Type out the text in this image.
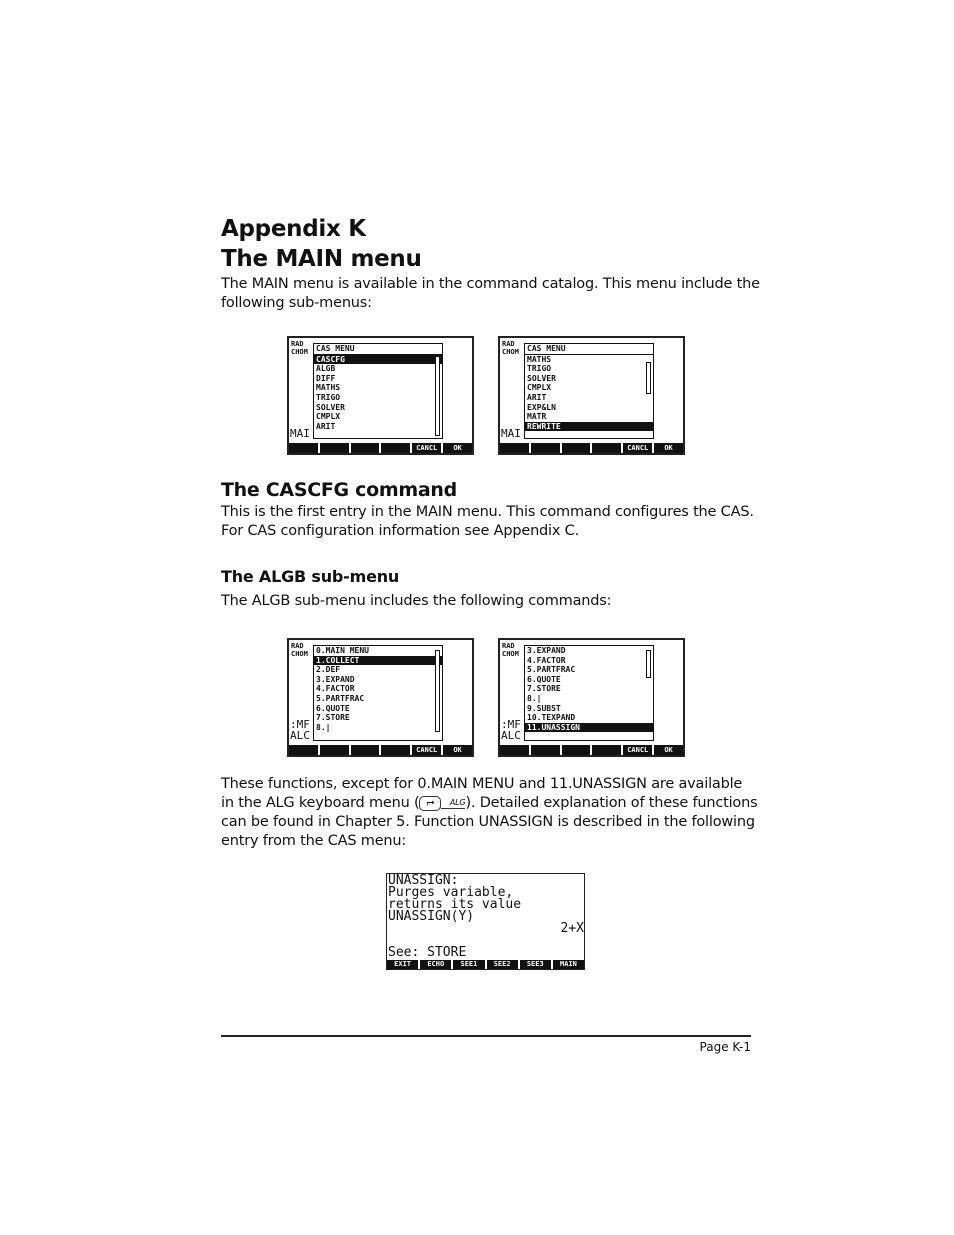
Appendix K
The MAIN menu

The MAIN menu is available in the command catalog. This menu include the

following sub-menus:

RAD
CHOM
MAI
CAS MENU
CASCFG
ALGB
DIFF
MATHS
TRIGO
SOLVER
CMPLX
ARIT
CANCL	OK
RAD
CHOM
MAI
CAS MENU
MATHS
TRIGO
SOLVER
CMPLX
ARIT
EXP&LN
MATR
REWRITE
CANCL	OK
The CASCFG command

This is the first entry in the MAIN menu. This command configures the CAS.

For CAS configuration information see Appendix C.

The ALGB sub-menu

The ALGB sub-menu includes the following commands:

RAD
CHOM
:MF
ALC
0.MAIN MENU
1.COLLECT
2.DEF
3.EXPAND
4.FACTOR
5.PARTFRAC
6.QUOTE
7.STORE
8.|
CANCL	OK
RAD
CHOM
:MF
ALC
3.EXPAND
4.FACTOR
5.PARTFRAC
6.QUOTE
7.STORE
8.|
9.SUBST
10.TEXPAND
11.UNASSIGN
CANCL	OK

These functions, except for 0.MAIN MENU and 11.UNASSIGN are available

in the ALG keyboard menu ( ⮣ ALG). Detailed explanation of these functions

can be found in Chapter 5. Function UNASSIGN is described in the following

entry from the CAS menu:

UNASSIGN:
Purges variable,
returns its value
UNASSIGN(Y)
2+X
See: STORE
EXIT	ECHO	SEE1	SEE2	SEE3	MAIN
Page K-1
